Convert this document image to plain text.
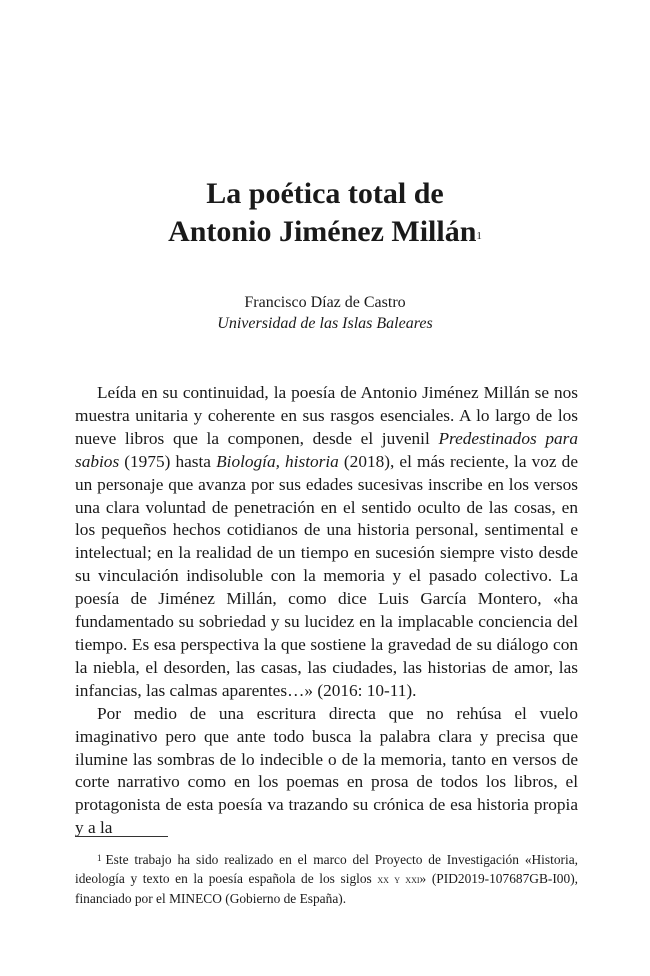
La poética total de
Antonio Jiménez Millán$^1$
Francisco Díaz de Castro
Universidad de las Islas Baleares

Leída en su continuidad, la poesía de Antonio Jiménez Millán se nos muestra unitaria y coherente en sus rasgos esenciales. A lo largo de los nueve libros que la componen, desde el juvenil Predestinados para sabios (1975) hasta Biología, historia (2018), el más reciente, la voz de un personaje que avanza por sus edades sucesivas inscribe en los versos una clara voluntad de penetración en el sentido oculto de las cosas, en los pequeños hechos cotidianos de una historia personal, sentimental e intelectual; en la realidad de un tiempo en sucesión siempre visto desde su vinculación indisoluble con la memoria y el pasado colectivo. La poesía de Jiménez Millán, como dice Luis García Montero, «ha fundamentado su sobriedad y su lucidez en la implacable conciencia del tiempo. Es esa perspectiva la que sostiene la gravedad de su diálogo con la niebla, el desorden, las casas, las ciudades, las historias de amor, las infancias, las calmas aparentes…» (2016: 10-11).

Por medio de una escritura directa que no rehúsa el vuelo imaginativo pero que ante todo busca la palabra clara y precisa que ilumine las sombras de lo indecible o de la memoria, tanto en versos de corte narrativo como en los poemas en prosa de todos los libros, el protagonista de esta poesía va trazando su crónica de esa historia propia y a la

$^1$ Este trabajo ha sido realizado en el marco del Proyecto de Investigación «Historia, ideología y texto en la poesía española de los siglos xx y xxi» (PID2019-107687GB-I00), financiado por el MINECO (Gobierno de España).
